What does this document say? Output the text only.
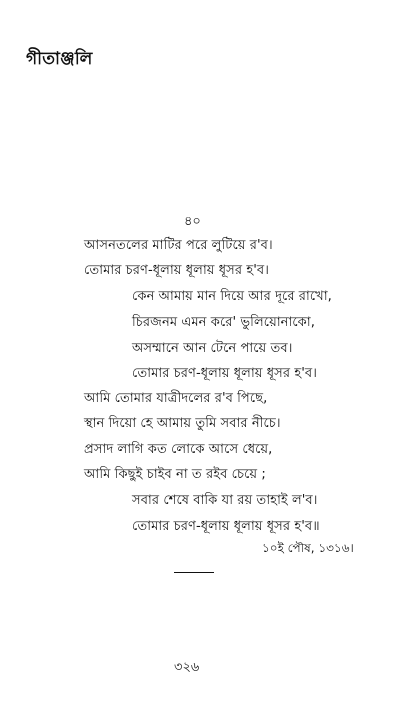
গীতাঞ্জলি
৪০
আসনতলের মাটির পরে লুটিয়ে র'ব।
তোমার চরণ-ধূলায় ধূলায় ধূসর হ'ব।
কেন আমায় মান দিয়ে আর দূরে রাখো,
চিরজনম এমন করে' ভুলিয়োনাকো,
অসম্মানে আন টেনে পায়ে তব।
তোমার চরণ-ধূলায় ধূলায় ধূসর হ'ব।
আমি তোমার যাত্রীদলের র'ব পিছে,
স্থান দিয়ো হে আমায় তুমি সবার নীচে।
প্রসাদ লাগি কত লোকে আসে ধেয়ে,
আমি কিছুই চাইব না ত রইব চেয়ে ;
সবার শেষে বাকি যা রয় তাহাই ল'ব।
তোমার চরণ-ধূলায় ধূলায় ধূসর হ'ব॥
১০ই পৌষ, ১৩১৬।
৩২৬
